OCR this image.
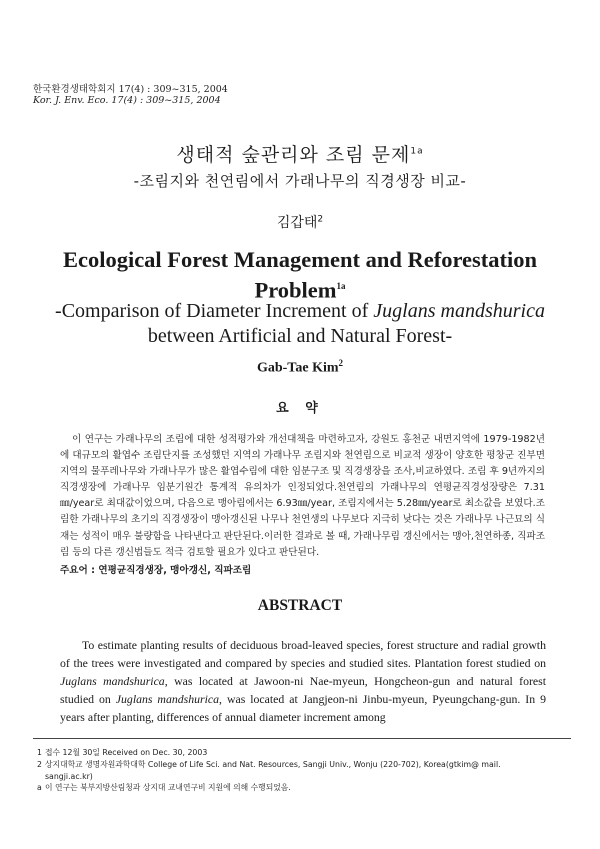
한국환경생태학회지 17(4) : 309~315, 2004
Kor. J. Env. Eco. 17(4) : 309~315, 2004
생태적 숲관리와 조림 문제$^{1a}$
-조림지와 천연림에서 가래나무의 직경생장 비교-
김갑태$^2$
Ecological Forest Management and Reforestation
Problem$^{1a}$
-Comparison of Diameter Increment of Juglans mandshurica
between Artificial and Natural Forest-
Gab-Tae Kim$^2$
요 약
이 연구는 가래나무의 조림에 대한 성적평가와 개선대책을 마련하고자, 강원도 홍천군 내면지역에 1979-1982년에 대규모의 활엽수 조림단지를 조성했던 지역의 가래나무 조림지와 천연림으로 비교적 생장이 양호한 평창군 진부면 지역의 물푸레나무와 가래나무가 많은 활엽수림에 대한 임분구조 및 직경생장을 조사,비교하였다. 조림 후 9년까지의 직경생장에 가래나무 임분기원간 통계적 유의차가 인정되었다.천연림의 가래나무의 연평균직경성장량은 7.31㎜/year로 최대값이었으며, 다음으로 맹아림에서는 6.93㎜/year, 조림지에서는 5.28㎜/year로 최소값을 보였다.조림한 가래나무의 초기의 직경생장이 맹아갱신된 나무나 천연생의 나무보다 지극히 낮다는 것은 가래나무 나근묘의 식재는 성적이 매우 불량함을 나타낸다고 판단된다.이러한 결과로 볼 때, 가래나무림 갱신에서는 맹아,천연하종, 직파조림 등의 다른 갱신법들도 적극 검토할 필요가 있다고 판단된다.
주요어 : 연평균직경생장, 맹아갱신, 직파조림
ABSTRACT
To estimate planting results of deciduous broad-leaved species, forest structure and radial growth of the trees were investigated and compared by species and studied sites. Plantation forest studied on Juglans mandshurica, was located at Jawoon-ni Nae-myeun, Hongcheon-gun and natural forest studied on Juglans mandshurica, was located at Jangjeon-ni Jinbu-myeun, Pyeungchang-gun. In 9 years after planting, differences of annual diameter increment among
1 접수 12월 30일 Received on Dec. 30, 2003
2 상지대학교 생명자원과학대학 College of Life Sci. and Nat. Resources, Sangji Univ., Wonju (220-702), Korea(gtkim@ mail.
sangji.ac.kr)
a 이 연구는 북부지방산림청과 상지대 교내연구비 지원에 의해 수행되었음.
